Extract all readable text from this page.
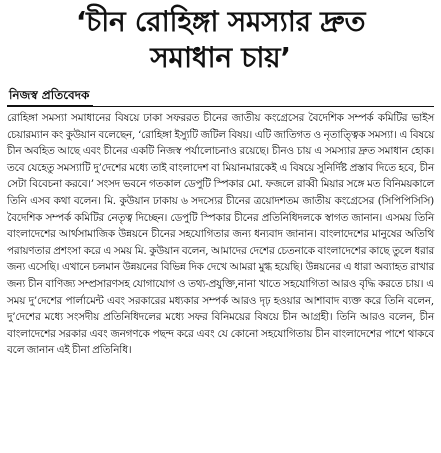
‘চীন রোহিঙ্গা সমস্যার দ্রুত
সমাধান চায়’
নিজস্ব প্রতিবেদক

রোহিঙ্গা সমস্যা সমাধানের বিষয়ে ঢাকা সফররত চীনের জাতীয় কংগ্রেসের বৈদেশিক সম্পর্ক কমিটির ভাইস চেয়ারম্যান কং কুউয়ান বলেছেন, ‘রোহিঙ্গা ইস্যুটি জটিল বিষয়। এটি জাতিগত ও নৃতাত্ত্বিক সমস্যা। এ বিষয়ে চীন অবহিত আছে এবং চীনের একটি নিজস্ব পর্যালোচনাও রয়েছে। চীনও চায় এ সমস্যার দ্রুত সমাধান হোক। তবে যেহেতু সমস্যাটি দু’দেশের মধ্যে তাই বাংলাদেশ বা মিয়ানমারকেই এ বিষয়ে সুনির্দিষ্ট প্রস্তাব দিতে হবে, চীন সেটা বিবেচনা করবে।’ সংসদ ভবনে গতকাল ডেপুটি স্পিকার মো. ফজলে রাব্বী মিয়ার সঙ্গে মত বিনিময়কালে তিনি এসব কথা বলেন। মি. কুউয়ান ঢাকায় ৬ সদস্যের চীনের ত্রয়োদশতম জাতীয় কংগ্রেসের (সিপিপিসিসি) বৈদেশিক সম্পর্ক কমিটির নেতৃত্ব দিচ্ছেন। ডেপুটি স্পিকার চীনের প্রতিনিধিদলকে স্বাগত জানান। এসময় তিনি বাংলাদেশের আর্থসামাজিক উন্নয়নে চীনের সহযোগিতার জন্য ধন্যবাদ জানান। বাংলাদেশের মানুষের অতিথি পরায়ণতার প্রশংসা করে এ সময় মি. কুউয়ান বলেন, আমাদের দেশের চেতনাকে বাংলাদেশের কাছে তুলে ধরার জন্য এসেছি। এখানে চলমান উন্নয়নের বিভিন্ন দিক দেখে আমরা মুগ্ধ হয়েছি। উন্নয়নের এ ধারা অব্যাহত রাখার জন্য চীন বাণিজ্য সম্প্রসারণসহ যোগাযোগ ও তথ্য-প্রযুক্তি,নানা খাতে সহযোগিতা আরও বৃদ্ধি করতে চায়। এ সময় দু’দেশের পার্লামেন্ট এবং সরকারের মধ্যকার সম্পর্ক আরও দৃঢ় হওয়ার আশাবাদ ব্যক্ত করে তিনি বলেন, দু’দেশের মধ্যে সংসদীয় প্রতিনিধিদলের মধ্যে সফর বিনিময়ের বিষয়ে চীন আগ্রহী। তিনি আরও বলেন, চীন বাংলাদেশের সরকার এবং জনগণকে পছন্দ করে এবং যে কোনো সহযোগিতায় চীন বাংলাদেশের পাশে থাকবে বলে জানান এই চীনা প্রতিনিধি।
